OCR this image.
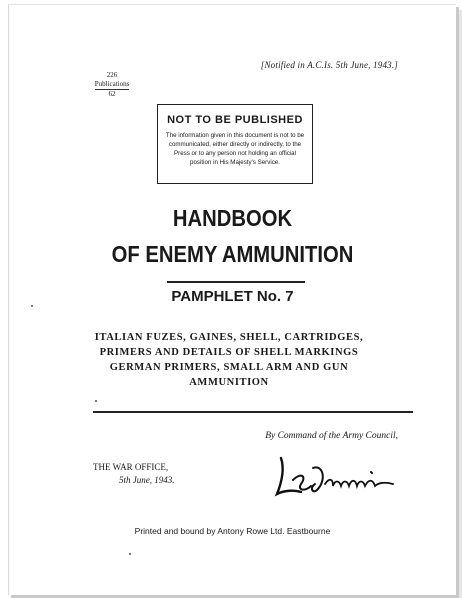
[Notified in A.C.Is. 5th June, 1943.]
226
Publications
62
NOT TO BE PUBLISHED
The information given in this document is not to be communicated, either directly or indirectly, to the Press or to any person not holding an official position in His Majesty's Service.
HANDBOOK
OF ENEMY AMMUNITION
PAMPHLET No. 7
ITALIAN FUZES, GAINES, SHELL, CARTRIDGES,
PRIMERS AND DETAILS OF SHELL MARKINGS
GERMAN PRIMERS, SMALL ARM AND GUN
AMMUNITION
By Command of the Army Council,
THE WAR OFFICE,
5th June, 1943.
Printed and bound by Antony Rowe Ltd. Eastbourne
